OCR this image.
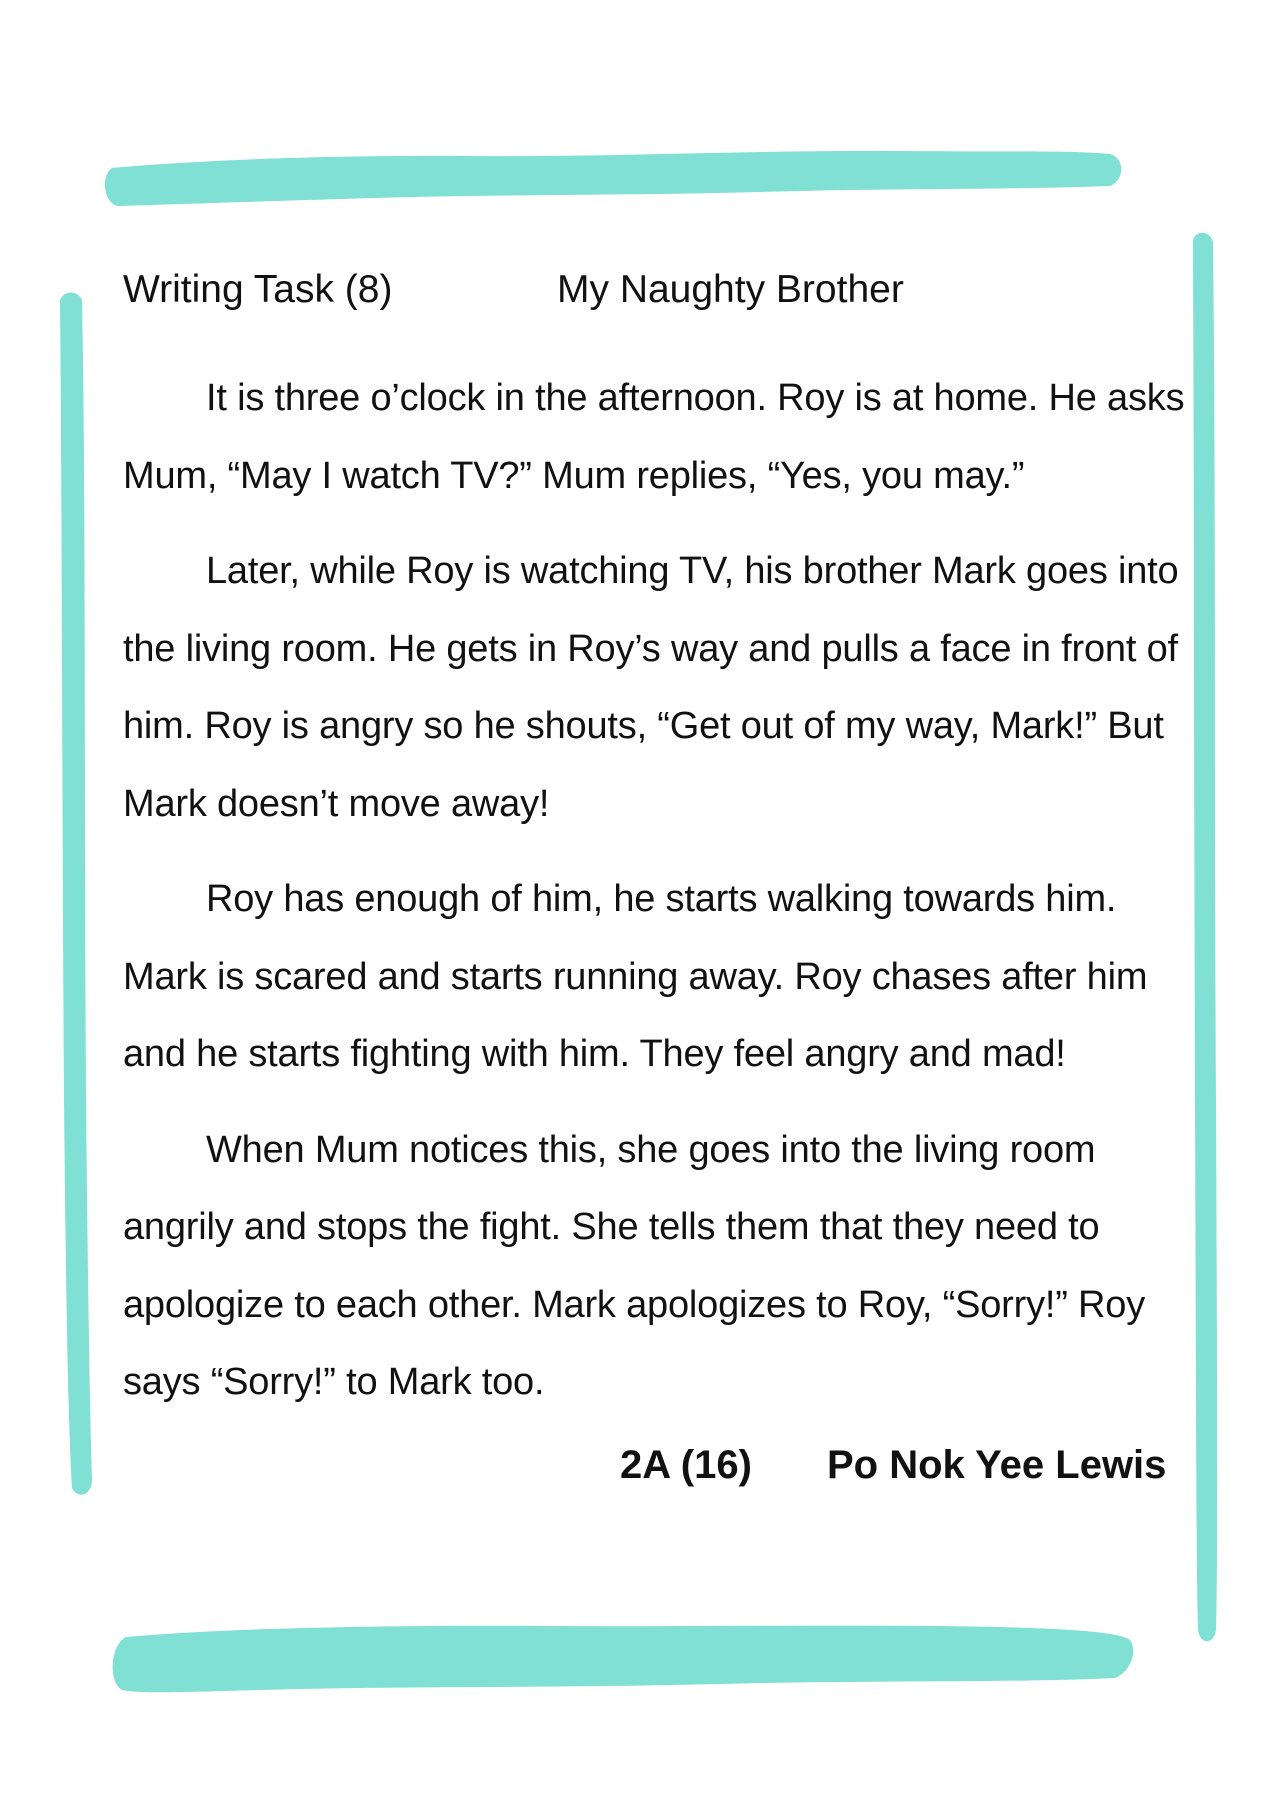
Writing Task (8)	My Naughty Brother

It is three o’clock in the afternoon. Roy is at home. He asks Mum, “May I watch TV?” Mum replies, “Yes, you may.”

Later, while Roy is watching TV, his brother Mark goes into the living room. He gets in Roy’s way and pulls a face in front of him. Roy is angry so he shouts, “Get out of my way, Mark!” But Mark doesn’t move away!

Roy has enough of him, he starts walking towards him. Mark is scared and starts running away. Roy chases after him and he starts fighting with him. They feel angry and mad!

When Mum notices this, she goes into the living room angrily and stops the fight. She tells them that they need to apologize to each other. Mark apologizes to Roy, “Sorry!” Roy says “Sorry!” to Mark too.

2A (16) Po Nok Yee Lewis
